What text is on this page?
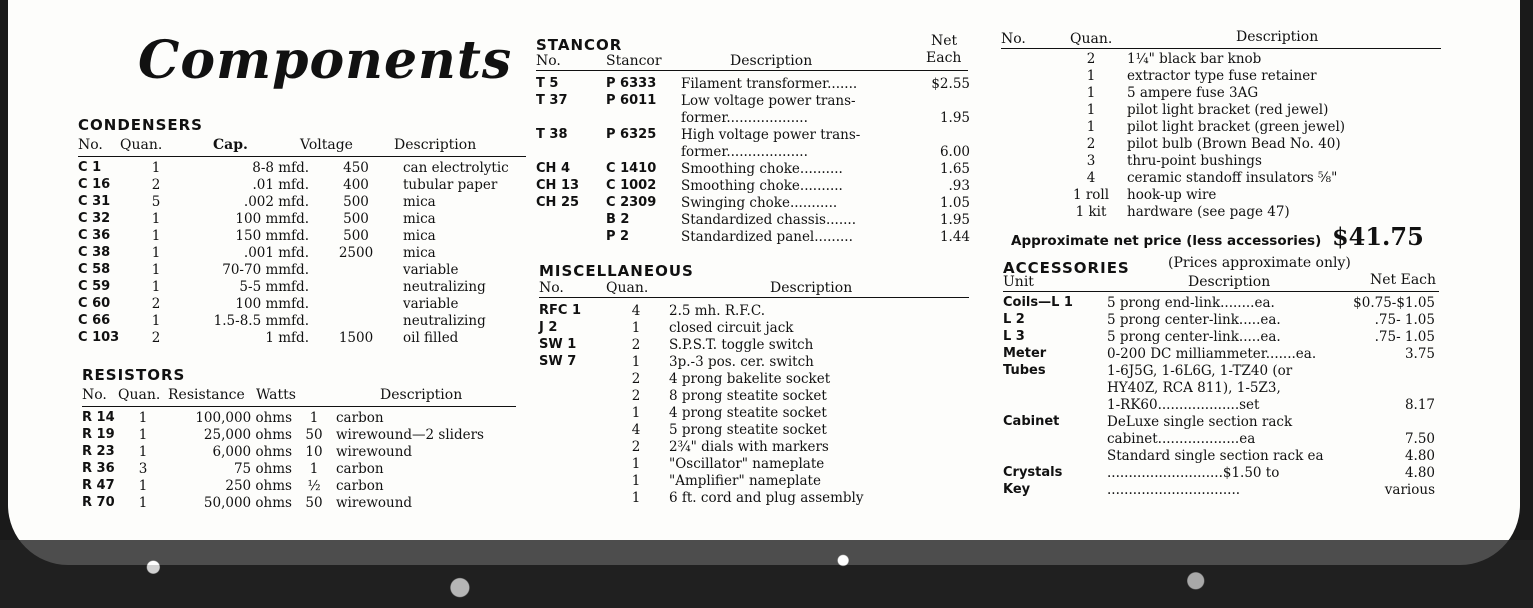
Components
CONDENSERS
No. Quan.	Cap.	Voltage	Description
C 1	1	8-8 mfd.	450	can electrolytic
C 16	2	.01 mfd.	400	tubular paper
C 31	5	.002 mfd.	500	mica
C 32	1	100 mmfd.	500	mica
C 36	1	150 mmfd.	500	mica
C 38	1	.001 mfd.	2500	mica
C 58	1	70-70 mmfd.		variable
C 59	1	5-5 mmfd.		neutralizing
C 60	2	100 mmfd.		variable
C 66	1	1.5-8.5 mmfd.		neutralizing
C 103	2	1 mfd.	1500	oil filled
RESISTORS
No. Quan. Resistance Watts	Description
R 14	1	100,000 ohms	1	carbon
R 19	1	25,000 ohms	50	wirewound—2 sliders
R 23	1	6,000 ohms	10	wirewound
R 36	3	75 ohms	1	carbon
R 47	1	250 ohms	½	carbon
R 70	1	50,000 ohms	50	wirewound
STANCOR
No.	Stancor	Description
Net
Each
T 5	P 6333	Filament transformer.......	$2.55
T 37	P 6011	Low voltage power trans-	
		former...................	1.95
T 38	P 6325	High voltage power trans-	
		former...................	6.00
CH 4	C 1410	Smoothing choke..........	1.65
CH 13	C 1002	Smoothing choke..........	.93
CH 25	C 2309	Swinging choke...........	1.05
	B 2	Standardized chassis.......	1.95
	P 2	Standardized panel.........	1.44
MISCELLANEOUS
No.	Quan.	Description
RFC 1	4	2.5 mh. R.F.C.
J 2	1	closed circuit jack
SW 1	2	S.P.S.T. toggle switch
SW 7	1	3p.-3 pos. cer. switch
	2	4 prong bakelite socket
	2	8 prong steatite socket
	1	4 prong steatite socket
	4	5 prong steatite socket
	2	2¾" dials with markers
	1	"Oscillator" nameplate
	1	"Amplifier" nameplate
	1	6 ft. cord and plug assembly
No.	Quan.	Description
	2	1¼" black bar knob
	1	extractor type fuse retainer
	1	5 ampere fuse 3AG
	1	pilot light bracket (red jewel)
	1	pilot light bracket (green jewel)
	2	pilot bulb (Brown Bead No. 40)
	3	thru-point bushings
	4	ceramic standoff insulators ⅝"
	1 roll	hook-up wire
	1 kit	hardware (see page 47)
Approximate net price (less accessories) $41.75
ACCESSORIES	(Prices approximate only)
Unit	Description	Net Each
Coils—L 1	5 prong end-link........ea.	$0.75-$1.05
L 2	5 prong center-link.....ea.	.75- 1.05
L 3	5 prong center-link.....ea.	.75- 1.05
Meter	0-200 DC milliammeter.......ea.	3.75
Tubes	1-6J5G, 1-6L6G, 1-TZ40 (or	
	HY40Z, RCA 811), 1-5Z3,	
	1-RK60...................set	8.17
Cabinet	DeLuxe single section rack	
	cabinet...................ea	7.50
	Standard single section rack ea	4.80
Crystals	...........................$1.50 to	4.80
Key	...............................	various
